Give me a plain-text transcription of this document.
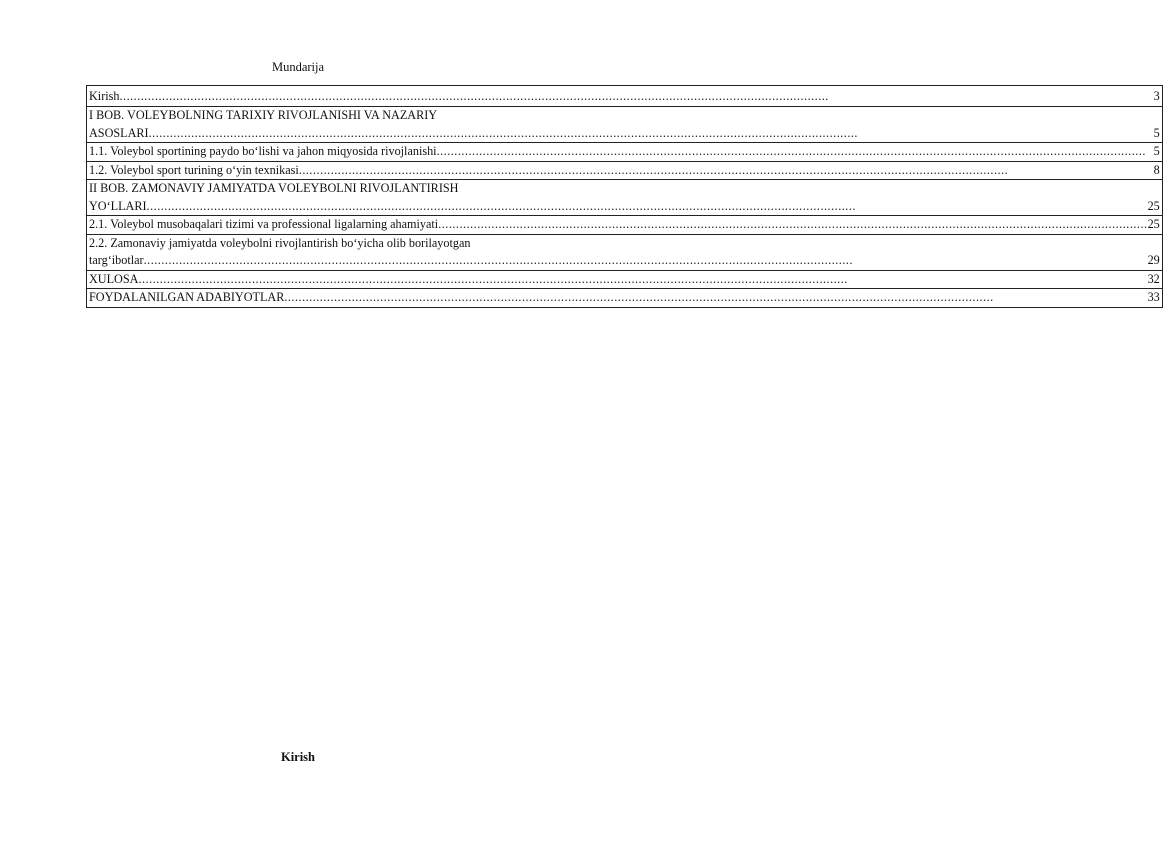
Mundarija
Kirish .....	3

I BOB. VOLEYBOLNING TARIXIY RIVOJLANISHI VA NAZARIY
ASOSLARI .....	5

1.1. Voleybol sportining paydo bo‘lishi va jahon miqyosida rivojlanishi .....	5

1.2. Voleybol sport turining o‘yin texnikasi .....	8

II BOB. ZAMONAVIY JAMIYATDA VOLEYBOLNI RIVOJLANTIRISH
YO‘LLARI .....	25

2.1. Voleybol musobaqalari tizimi va professional ligalarning ahamiyati .....	25

2.2. Zamonaviy jamiyatda voleybolni rivojlantirish bo‘yicha olib borilayotgan
targ‘ibotlar .....	29

XULOSA .....	32

FOYDALANILGAN ADABIYOTLAR .....	33
Kirish
